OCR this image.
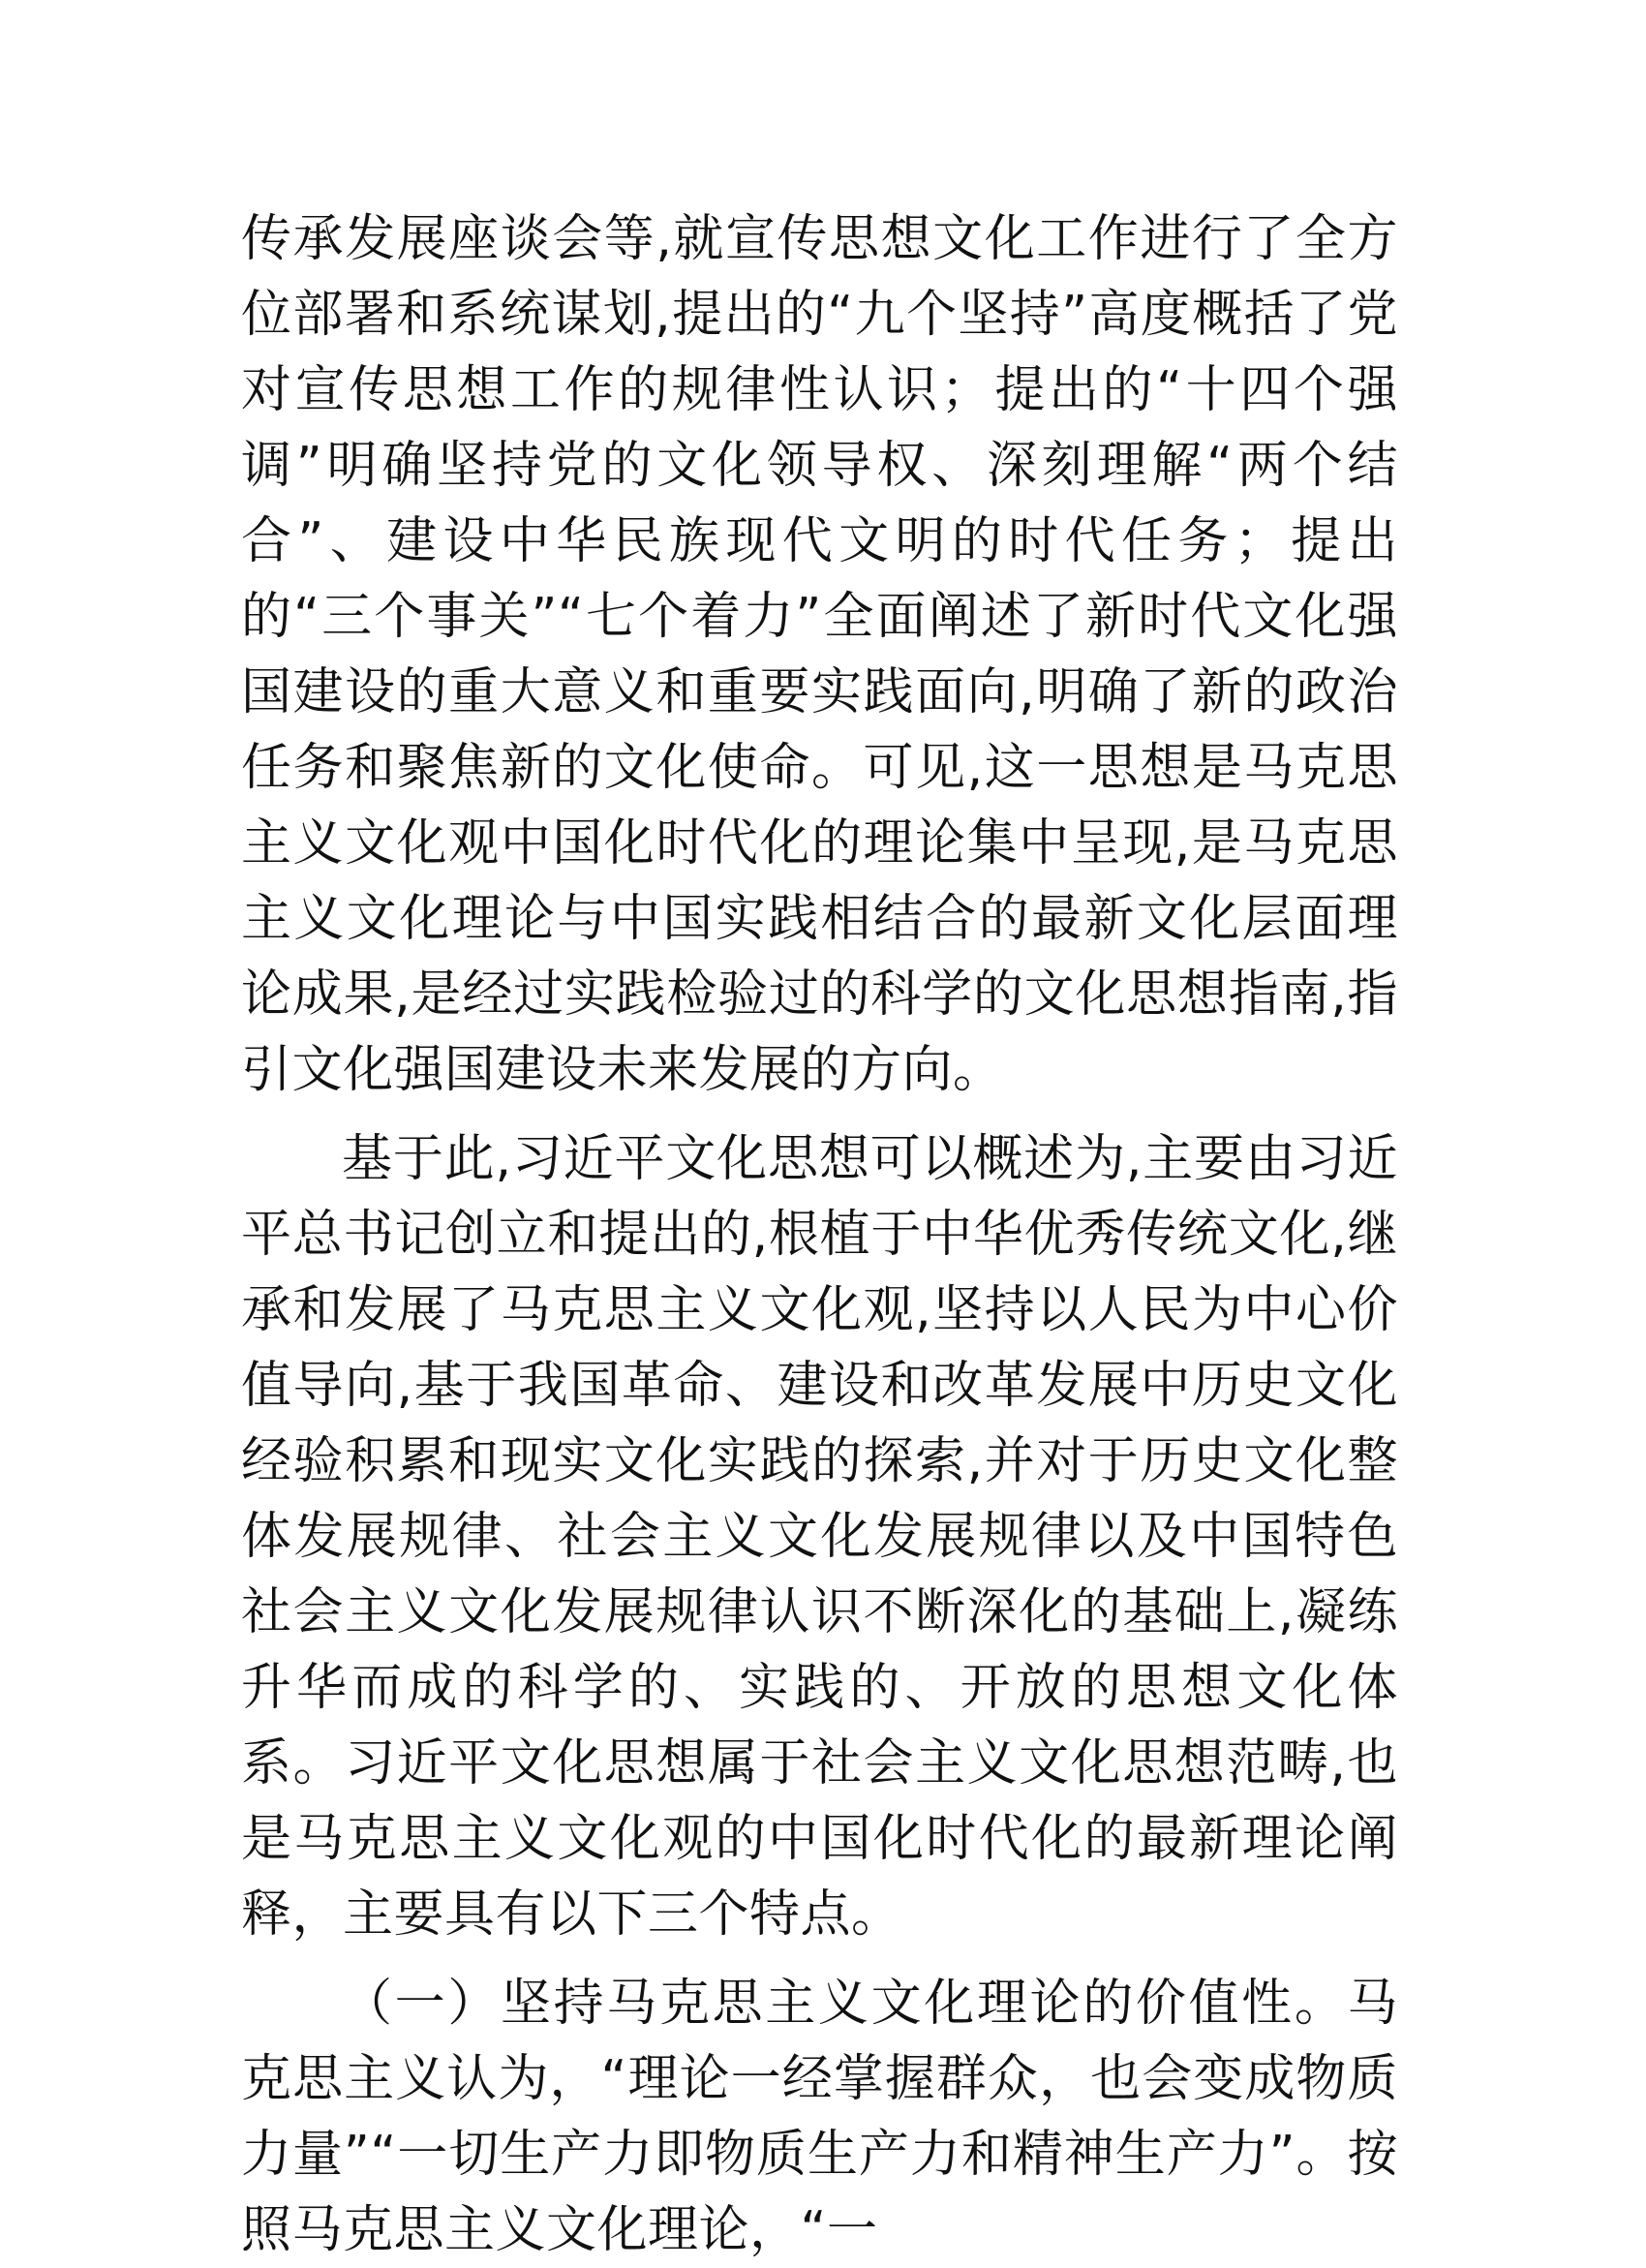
传承发展座谈会等,就宣传思想文化工作进行了全方位部署和系统谋划,提出的“九个坚持”高度概括了党对宣传思想工作的规律性认识；提出的“十四个强调”明确坚持党的文化领导权、深刻理解“两个结合”、建设中华民族现代文明的时代任务；提出的“三个事关”“七个着力”全面阐述了新时代文化强国建设的重大意义和重要实践面向,明确了新的政治任务和聚焦新的文化使命。可见,这一思想是马克思主义文化观中国化时代化的理论集中呈现,是马克思主义文化理论与中国实践相结合的最新文化层面理论成果,是经过实践检验过的科学的文化思想指南,指引文化强国建设未来发展的方向。

基于此,习近平文化思想可以概述为,主要由习近平总书记创立和提出的,根植于中华优秀传统文化,继承和发展了马克思主义文化观,坚持以人民为中心价值导向,基于我国革命、建设和改革发展中历史文化经验积累和现实文化实践的探索,并对于历史文化整体发展规律、社会主义文化发展规律以及中国特色社会主义文化发展规律认识不断深化的基础上,凝练升华而成的科学的、实践的、开放的思想文化体系。习近平文化思想属于社会主义文化思想范畴,也是马克思主义文化观的中国化时代化的最新理论阐释，主要具有以下三个特点。

（一）坚持马克思主义文化理论的价值性。马克思主义认为，“理论一经掌握群众，也会变成物质力量”“一切生产力即物质生产力和精神生产力”。按照马克思主义文化理论，“一
